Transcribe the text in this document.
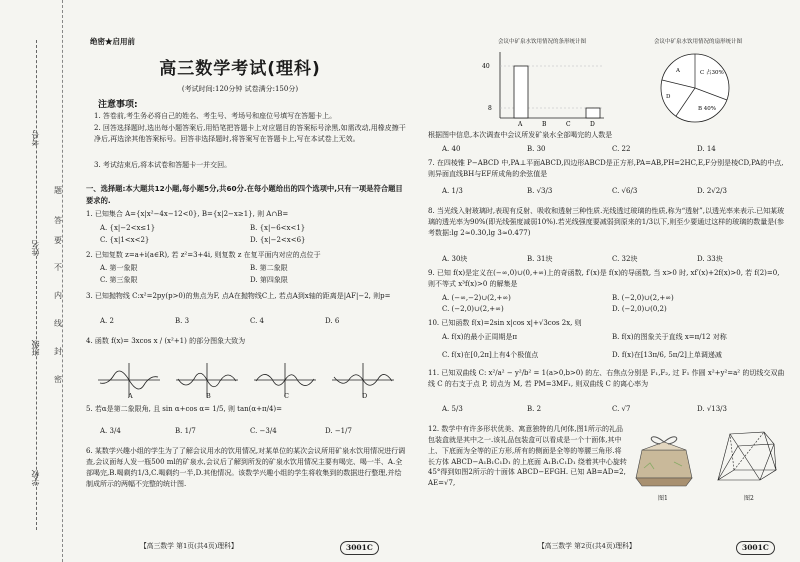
考号
姓名
班级
学校
题
答
要
不
内
线
封
密
绝密★启用前
高三数学考试(理科)
(考试时间:120分钟 试卷满分:150分)
注意事项:
1. 答卷前,考生务必将自己的姓名、考生号、考场号和座位号填写在答题卡上。
2. 回答选择题时,选出每小题答案后,用铅笔把答题卡上对应题目的答案标号涂黑,如需改动,用橡皮擦干净后,再选涂其他答案标号。回答非选择题时,将答案写在答题卡上,写在本试卷上无效。
3. 考试结束后,将本试卷和答题卡一并交回。
一、选择题:本大题共12小题,每小题5分,共60分.在每小题给出的四个选项中,只有一项是符合题目要求的.
1. 已知集合 A={x|x²−4x−12<0}, B={x|2−x≥1}, 则 A∩B=
A. {x|−2<x≤1}	B. {x|−6<x<1}
C. {x|1<x<2}	D. {x|−2<x<6}
2. 已知复数 z=a+i(a∈R), 若 z²=3+4i, 则复数 z 在复平面内对应的点位于
A. 第一象限	B. 第二象限
C. 第三象限	D. 第四象限
3. 已知抛物线 C:x²=2py(p>0)的焦点为F, 点A在抛物线C上, 若点A到x轴的距离是|AF|−2, 则p=
A. 2	B. 3	C. 4	D. 6
4. 函数 f(x)= 3xcos x / (x²+1) 的部分图象大致为
A	B	C	D
5. 若α是第二象限角, 且 sin α+cos α= 1/5, 则 tan(α+π/4)=
A. 3/4	B. 1/7	C. −3/4	D. −1/7
6. 某数学兴趣小组的学生为了了解会议用水的饮用情况,对某单位的某次会议所用矿泉水饮用情况进行调查,会议面每人发一瓶500 ml的矿泉水,会议后了解到所发的矿泉水饮用情况主要有喝完、喝一半、A.全部喝完,B.喝剩约1/3,C.喝剩约一半,D.其他情况。该数学兴趣小组的学生将收集到的数据进行整理,并绘制成所示的两幅不完整的统计图.
【高三数学 第1页(共4页)理科】	3001C
会议中矿泉水饮用情况的条形统计图
40
8
A	B	C	D
会议中矿泉水饮用情况的扇形统计图
A
B 40%
C 占30%
D
根据图中信息,本次调查中会议所发矿泉水全部喝完的人数是
A. 40	B. 30	C. 22	D. 14
7. 在四棱锥 P−ABCD 中,PA⊥平面ABCD,四边形ABCD是正方形,PA=AB,PH=2HC,E,F分别是棱CD,PA的中点,则异面直线BH与EF所成角的余弦值是
A. 1/3	B. √3/3	C. √6/3	D. 2√2/3
8. 当光线入射玻璃时,表现有反射、吸收和透射三种性质.光线透过玻璃的性质,称为“透射”,以透光率来表示.已知某玻璃的透光率为90%(即光线强度减弱10%).若光线强度要减弱到原来的1/3以下,则至少要通过这样的玻璃的数量是(参考数据:lg 2≈0.30,lg 3≈0.477)
A. 30块	B. 31块	C. 32块	D. 33块
9. 已知 f(x)是定义在(−∞,0)∪(0,+∞)上的奇函数, f′(x)是 f(x)的导函数, 当 x>0 时, xf′(x)+2f(x)>0, 若 f(2)=0, 则不等式 x³f(x)>0 的解集是
A. (−∞,−2)∪(2,+∞)	B. (−2,0)∪(2,+∞)
C. (−2,0)∪(2,+∞)	D. (−2,0)∪(0,2)
10. 已知函数 f(x)=2sin x|cos x|+√3cos 2x, 则
A. f(x)的最小正周期是π	B. f(x)的图象关于直线 x=π/12 对称
C. f(x)在[0,2π]上有4个极值点	D. f(x)在[13π/6, 5π/2]上单调递减
11. 已知双曲线 C: x²/a² − y²/b² = 1(a>0,b>0) 的左、右焦点分别是 F₁,F₂, 过 F₁ 作圆 x²+y²=a² 的切线交双曲线 C 的右支于点 P, 切点为 M, 若 PM=3MF₁, 则双曲线 C 的离心率为
A. 5/3	B. 2	C. √7	D. √13/3
12. 数学中有许多形状优美、寓意独特的几何体,图1所示的礼品包装盒就是其中之一.该礼品包装盒可以看成是一个十面体,其中上、下底面为全等的正方形,所有的侧面是全等的等腰三角形.将长方体 ABCD−A₁B₁C₁D₁ 的上底面 A₁B₁C₁D₁ 绕着其中心旋转45°得到如图2所示的十面体 ABCD−EFGH. 已知 AB=AD=2, AE=√7,
图1	图2
【高三数学 第2页(共4页)理科】	3001C
